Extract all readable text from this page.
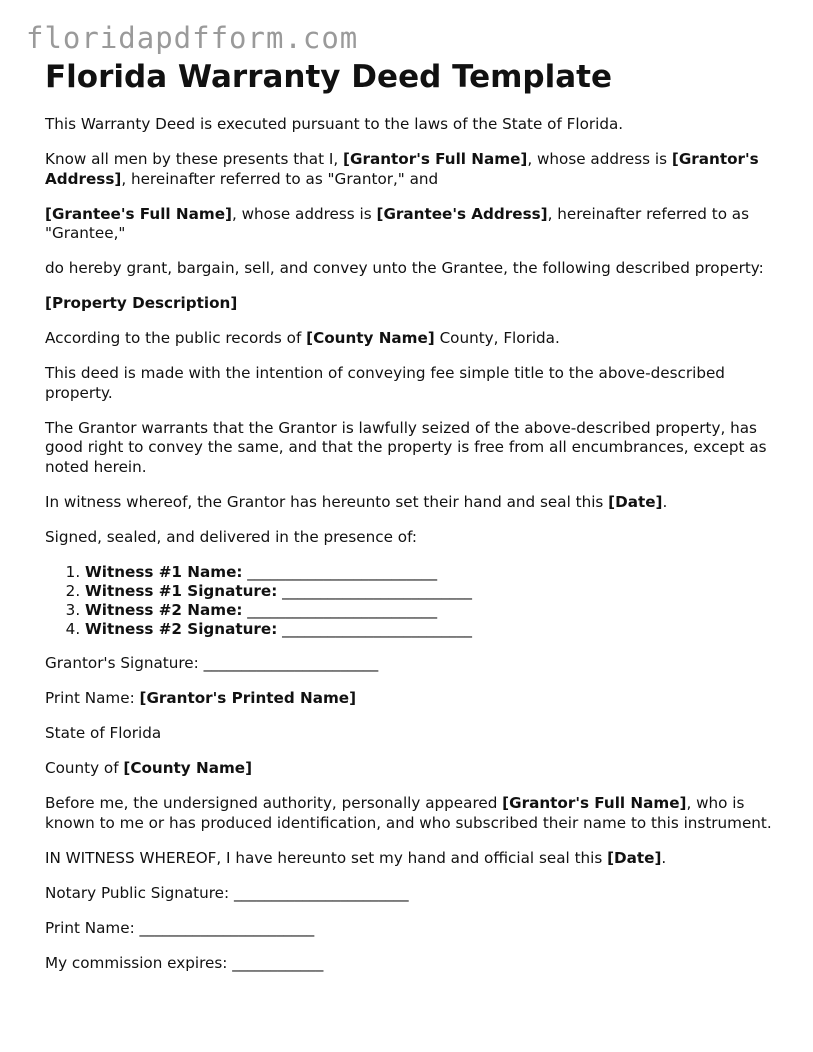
floridapdfform.com
Florida Warranty Deed Template

This Warranty Deed is executed pursuant to the laws of the State of Florida.

Know all men by these presents that I, [Grantor's Full Name], whose address is [Grantor's Address], hereinafter referred to as "Grantor," and

[Grantee's Full Name], whose address is [Grantee's Address], hereinafter referred to as "Grantee,"

do hereby grant, bargain, sell, and convey unto the Grantee, the following described property:

[Property Description]

According to the public records of [County Name] County, Florida.

This deed is made with the intention of conveying fee simple title to the above-described property.

The Grantor warrants that the Grantor is lawfully seized of the above-described property, has good right to convey the same, and that the property is free from all encumbrances, except as noted herein.

In witness whereof, the Grantor has hereunto set their hand and seal this [Date].

Signed, sealed, and delivered in the presence of:

1. Witness #1 Name: _________________________
2. Witness #1 Signature: _________________________
3. Witness #2 Name: _________________________
4. Witness #2 Signature: _________________________

Grantor's Signature: _______________________

Print Name: [Grantor's Printed Name]

State of Florida

County of [County Name]

Before me, the undersigned authority, personally appeared [Grantor's Full Name], who is known to me or has produced identification, and who subscribed their name to this instrument.

IN WITNESS WHEREOF, I have hereunto set my hand and official seal this [Date].

Notary Public Signature: _______________________

Print Name: _______________________

My commission expires: ____________
